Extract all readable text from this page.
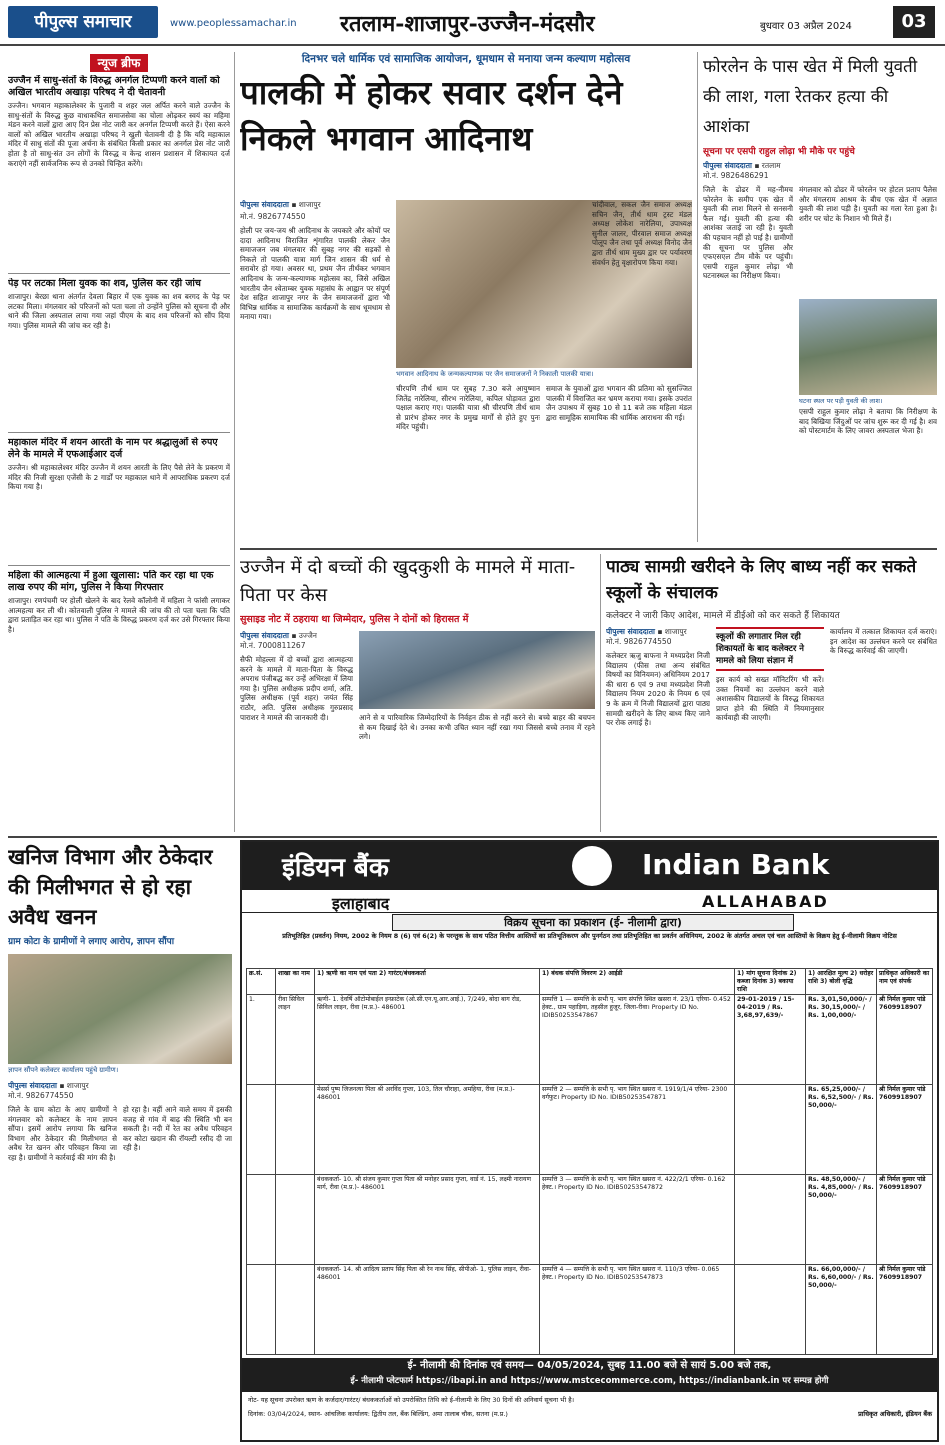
पीपुल्स समाचार	www.peoplessamachar.in रतलाम-शाजापुर-उज्जैन-मंदसौर	बुधवार 03 अप्रैल 2024	03
न्यूज ब्रीफ
उज्जैन में साधु-संतों के विरुद्ध अनर्गल टिप्पणी करने वालों को अखिल भारतीय अखाड़ा परिषद ने दी चेतावनी
उज्जैन। भगवान महाकालेश्वर के पुजारी व शहर जल अर्पित करने वाले उज्जैन के साधु-संतों के विरुद्ध कुछ वाधाकथित समाजसेवा का चोला ओढ़कर स्वयं का महिमा मंडन करने वालों द्वारा आए दिन प्रेस नोट जारी कर अनर्गल टिप्पणी करते हैं। ऐसा करने वालों को अखिल भारतीय अखाड़ा परिषद ने खुली चेतावनी दी है कि यदि महाकाल मंदिर में साधु संतों की पूजा अर्चना के संबंधित किसी प्रकार का अनर्गल प्रेस नोट जारी होता है तो साधु-संत उन लोगों के विरुद्ध व केन्द्र शासन प्रशासन में शिकायत दर्ज कराएंगे नहीं सार्वजनिक रूप से उनको चिन्हित करेंगे।
पेड़ पर लटका मिला युवक का शव, पुलिस कर रही जांच
शाजापुर। बेरछा थाना अंतर्गत देवला बिहार में एक युवक का शव बरगद के पेड़ पर लटका मिला। मंगलवार को परिजनों को पता चला तो उन्होंने पुलिस को सूचना दी और थाने की जिला अस्पताल लाया गया जहां पीएम के बाद शव परिजनों को सौंप दिया गया। पुलिस मामले की जांच कर रही है।
महाकाल मंदिर में शयन आरती के नाम पर श्रद्धालुओं से रुपए लेने के मामले में एफआईआर दर्ज
उज्जैन। श्री महाकालेश्वर मंदिर उज्जैन में शयन आरती के लिए पैसे लेने के प्रकरण में मंदिर की निजी सुरक्षा एजेंसी के 2 गार्डों पर महाकाल थाने में आपराधिक प्रकरण दर्ज किया गया है।
महिला की आत्महत्या में हुआ खुलासा: पति कर रहा था एक लाख रुपए की मांग, पुलिस ने किया गिरफ्तार
शाजापुर। रणपंचमी पर होली खेलने के बाद रेलवे कॉलोनी में महिला ने फांसी लगाकर आत्महत्या कर ली थी। कोतवाली पुलिस ने मामले की जांच की तो पता चला कि पति द्वारा प्रताड़ित कर रहा था। पुलिस ने पति के विरुद्ध प्रकरण दर्ज कर उसे गिरफ्तार किया है।
दिनभर चले धार्मिक एवं सामाजिक आयोजन, धूमधाम से मनाया जन्म कल्याण महोत्सव
पालकी में होकर सवार दर्शन देने निकले भगवान आदिनाथ
पीपुल्स संवाददाता ▪ शाजापुर
मो.नं. 9826774550
होली पर जय-जय श्री आदिनाथ के जयकारे और कोयों पर दादा आदिनाथ विराजित शृंगारित पालकी लेकर जैन समाजजन जब मंगलवार की सुबह नगर की सड़कों से निकले तो पालकी यात्रा मार्ग जिन शासन की धर्म से सरावोर हो गया। अवसर था, प्रथम जैन तीर्थंकर भगवान आदिनाथ के जन्म-कल्याणक महोत्सव का, जिसे अखिल भारतीय जैन श्वेताम्बर युवक महासंघ के आह्वान पर संपूर्ण देश सहित शाजापुर नगर के जैन समाजजनों द्वारा भी विभिन्न धार्मिक व सामाजिक कार्यक्रमों के साथ धूमधाम से मनाया गया।
भगवान आदिनाथ के जन्मकल्याणक पर जैन समाजजनों ने निकाली पालकी यात्रा।
चीरपणि तीर्थ धाम पर सुबह 7.30 बजे आयुष्मान जितेंद्र नारेलिया, सीरभ नारेलिया, कपिल घोड़ावत द्वारा पक्षाल कराए गए। पालकी यात्रा श्री चीरपणि तीर्थ धाम से प्रारंभ होकर नगर के प्रमुख मार्गों से होते हुए पुनः मंदिर पहुंची।
समाज के युवाओं द्वारा भगवान की प्रतिमा को सुसज्जित पालकी में विराजित कर भ्रमण कराया गया। इसके उपरांत जैन उपाश्रय में सुबह 10 से 11 बजे तक महिला मंडल द्वारा सामूहिक सामायिक की धार्मिक आराधना की गई।
चांदीवाल, सकल जैन समाज अध्यक्ष सचिन जैन, तीर्थ धाम ट्रस्ट मंडल अध्यक्ष लोकेश नारेलिया, उपाध्यक्ष सुनील जालर, पीरवाल समाज अध्यक्ष पोलूप जैन तथा पूर्व अध्यक्ष विनोद जैन द्वारा तीर्थ धाम मुख्य द्वार पर पर्यावरण संवर्धन हेतु वृक्षारोपण किया गया।
फोरलेन के पास खेत में मिली युवती की लाश, गला रेतकर हत्या की आशंका
सूचना पर एसपी राहुल लोढ़ा भी मौके पर पहुंचे
पीपुल्स संवाददाता ▪ रतलाम
मो.नं. 9826486291
जिले के ढोढर में मह-नीमच फोरलेन के समीप एक खेत में युवती की लाश मिलने से सनसनी फैल गई। युवती की हत्या की आशंका जताई जा रही है। युवती की पहचान नहीं हो पाई है। ग्रामीणों की सूचना पर पुलिस और एफएसएल टीम मौके पर पहुंची। एसपी राहुल कुमार लोढ़ा भी घटनास्थल का निरीक्षण किया।
मंगलवार को ढोढर में फोरलेन पर होटल प्रताप पैलेस और मंगलराम आश्रम के बीच एक खेत में अज्ञात युवती की लाश पड़ी है। युवती का गला रेता हुआ है। शरीर पर चोट के निशान भी मिले हैं।
घटना स्थल पर पड़ी युवती की लाश।
एसपी राहुल कुमार लोढ़ा ने बताया कि निरीक्षण के बाद बिखिया जिंदुओं पर जांच शुरू कर दी गई है। शव को पोस्टमार्टम के लिए जावरा अस्पताल भेजा है।
उज्जैन में दो बच्चों की खुदकुशी के मामले में माता-पिता पर केस
सुसाइड नोट में ठहराया था जिम्मेदार, पुलिस ने दोनों को हिरासत में
पीपुल्स संवाददाता ▪ उज्जैन
मो.नं. 7000811267
सैफी मोहल्ला में दो बच्चों द्वारा आत्महत्या करने के मामले में माता-पिता के विरुद्ध अपराध पंजीबद्ध कर उन्हें अभिरक्षा में लिया गया है। पुलिस अधीक्षक प्रदीप शर्मा, अति. पुलिस अधीक्षक (पूर्व शहर) जयंत सिंह राठौर, अति. पुलिस अधीक्षक गुरुप्रसाद पाराशर ने मामले की जानकारी दी।	आने से व पारिवारिक जिम्मेदारियों के निर्वहन ठीक से नहीं करने से। बच्चे बाहर की बचपन से कम दिखाई देते थे। उनका कभी उचित ध्यान नहीं रखा गया जिससे बच्चे तनाव में रहने लगे।
पाठ्य सामग्री खरीदने के लिए बाध्य नहीं कर सकते स्कूलों के संचालक
कलेक्टर ने जारी किए आदेश, मामले में डीईओ को कर सकते हैं शिकायत
पीपुल्स संवाददाता ▪ शाजापुर
मो.नं. 9826774550
कलेक्टर ऋजु बाफना ने मध्यप्रदेश निजी विद्यालय (फीस तथा अन्य संबंधित विषयों का विनियमन) अधिनियम 2017 की धारा 6 एवं 9 तथा मध्यप्रदेश निजी विद्यालय नियम 2020 के नियम 6 एवं 9 के क्रम में निजी विद्यालयों द्वारा पाठ्य सामग्री खरीदने के लिए बाध्य किए जाने पर रोक लगाई है।
स्कूलों की लगातार मिल रही शिकायतों के बाद कलेक्टर ने मामले को लिया संज्ञान में
इस कार्य को सख्त मॉनिटरिंग भी करें। उक्त नियमों का उल्लंघन करने वाले अशासकीय विद्यालयों के विरुद्ध शिकायत प्राप्त होने की स्थिति में नियमानुसार कार्यवाही की जाएगी।
कार्यालय में तत्काल शिकायत दर्ज कराएं। इन आदेश का उल्लंघन करने पर संबंधित के विरुद्ध कार्रवाई की जाएगी।
खनिज विभाग और ठेकेदार की मिलीभगत से हो रहा अवैध खनन
ग्राम कोटा के ग्रामीणों ने लगाए आरोप, ज्ञापन सौंपा
ज्ञापन सौंपने कलेक्टर कार्यालय पहुंचे ग्रामीण।
पीपुल्स संवाददाता ▪ शाजापुर
मो.नं. 9826774550
जिले के ग्राम कोटा के आए ग्रामीणों ने मंगलवार को कलेक्टर के नाम ज्ञापन सौंपा। इसमें आरोप लगाया कि खनिज विभाग और ठेकेदार की मिलीभगत से अवैध रेत खनन और परिवहन किया जा रहा है। ग्रामीणों ने कार्रवाई की मांग की है।
हो रहा है। वहीं आने वाले समय में इसकी वजह से गांव में बाढ़ की स्थिति भी बन सकती है। नदी में रेत का अवैध परिवहन कर कोटा खदान की रॉयल्टी रसीद दी जा रही है।
इंडियन बैंक	Indian Bank
इलाहाबाद	ALLAHABAD
विक्रय सूचना का प्रकाशन (ई- नीलामी द्वारा)
प्रतिभूतिहित (प्रवर्तन) नियम, 2002 के नियम 8 (6) एवं 6(2) के परन्तुक के साथ पठित वित्तीय आस्तियों का प्रतिभूतिकरण और पुनर्गठन तथा प्रतिभूतिहित का प्रवर्तन अधिनियम, 2002 के अंतर्गत अचल एवं चल आस्तियों के विक्रय हेतु ई-नीलामी विक्रय नोटिस
क्र.सं.	शाखा का नाम	1) ऋणी का नाम एवं पता 2) गारंटर/बंधककर्ता	1) बंधक संपत्ति विवरण 2) आईडी	1) मांग सूचना दिनांक 2) कब्जा दिनांक 3) बकाया राशि	1) आरक्षित मूल्य 2) धरोहर राशि 3) बोली वृद्धि	प्राधिकृत अधिकारी का नाम एवं संपर्क
1.	रीवा सिविल लाइन	ऋणी- 1. देवर्षि ऑटोमोबाईल इन्फ्राटेक (ओ.सी.एन.यू.आर.आई.), 7/249, बोदा बाग रोड, सिविल लाइन, रीवा (म.प्र.)- 486001	सम्पत्ति 1 — सम्पत्ति के सभी पृ. भाग संपत्ति स्थित खसरा नं. 23/1 एरिया- 0.452 हेक्ट., ग्राम पहाड़िया, तहसील हुजूर, जिला-रीवा। Property ID No. IDIB50253547867	29-01-2019 / 15-04-2019 / Rs. 3,68,97,639/-	Rs. 3,01,50,000/- / Rs. 30,15,000/- / Rs. 1,00,000/-	श्री निर्मल कुमार पांडे 7609918907
		मेसर्स पुष्प जिजनत्या पिता श्री अरविंद गुप्ता, 103, तिल चौराहा, अमहिया, रीवा (म.प्र.)- 486001	सम्पत्ति 2 — सम्पत्ति के सभी पृ. भाग स्थित खसरा नं. 1919/1/4 एरिया- 2300 वर्गफुट। Property ID No. IDIB50253547871		Rs. 65,25,000/- / Rs. 6,52,500/- / Rs. 50,000/-	श्री निर्मल कुमार पांडे 7609918907
		बंधककर्ता- 10. श्री संजय कुमार गुप्ता पिता श्री मनोहर प्रसाद गुप्ता, वार्ड नं. 15, लक्ष्मी नारायण मार्ग, रीवा (म.प्र.)- 486001	सम्पत्ति 3 — सम्पत्ति के सभी पृ. भाग स्थित खसरा नं. 422/2/1 एरिया- 0.162 हेक्ट.। Property ID No. IDIB50253547872		Rs. 48,50,000/- / Rs. 4,85,000/- / Rs. 50,000/-	श्री निर्मल कुमार पांडे 7609918907
		बंधककर्ता- 14. श्री आदित्य प्रताप सिंह पिता श्री रेन नाथ सिंह, सीपीओ- 1, पुलिस लाइन, रीवा- 486001	सम्पत्ति 4 — सम्पत्ति के सभी पृ. भाग स्थित खसरा नं. 110/3 एरिया- 0.065 हेक्ट.। Property ID No. IDIB50253547873		Rs. 66,00,000/- / Rs. 6,60,000/- / Rs. 50,000/-	श्री निर्मल कुमार पांडे 7609918907
ई- नीलामी की दिनांक एवं समय— 04/05/2024, सुबह 11.00 बजे से सायं 5.00 बजे तक,
ई- नीलामी प्लेटफार्म https://ibapi.in and https://www.mstcecommerce.com, https://indianbank.in पर सम्पन्न होगी
नोट- यह सूचना उपरोक्त ऋण के कर्जदार/गारंटर/ बंधककर्ताओं को उपरोक्तित तिथि को ई-नीलामी के लिए 30 दिनों की अनिवार्य सूचना भी है।
दिनांक: 03/04/2024, स्थान- आंचलिक कार्यालय: द्वितीय तल, बैंक बिल्डिंग, अमा तालाब चौक, सतना (म.प्र.)	प्राधिकृत अधिकारी, इंडियन बैंक
